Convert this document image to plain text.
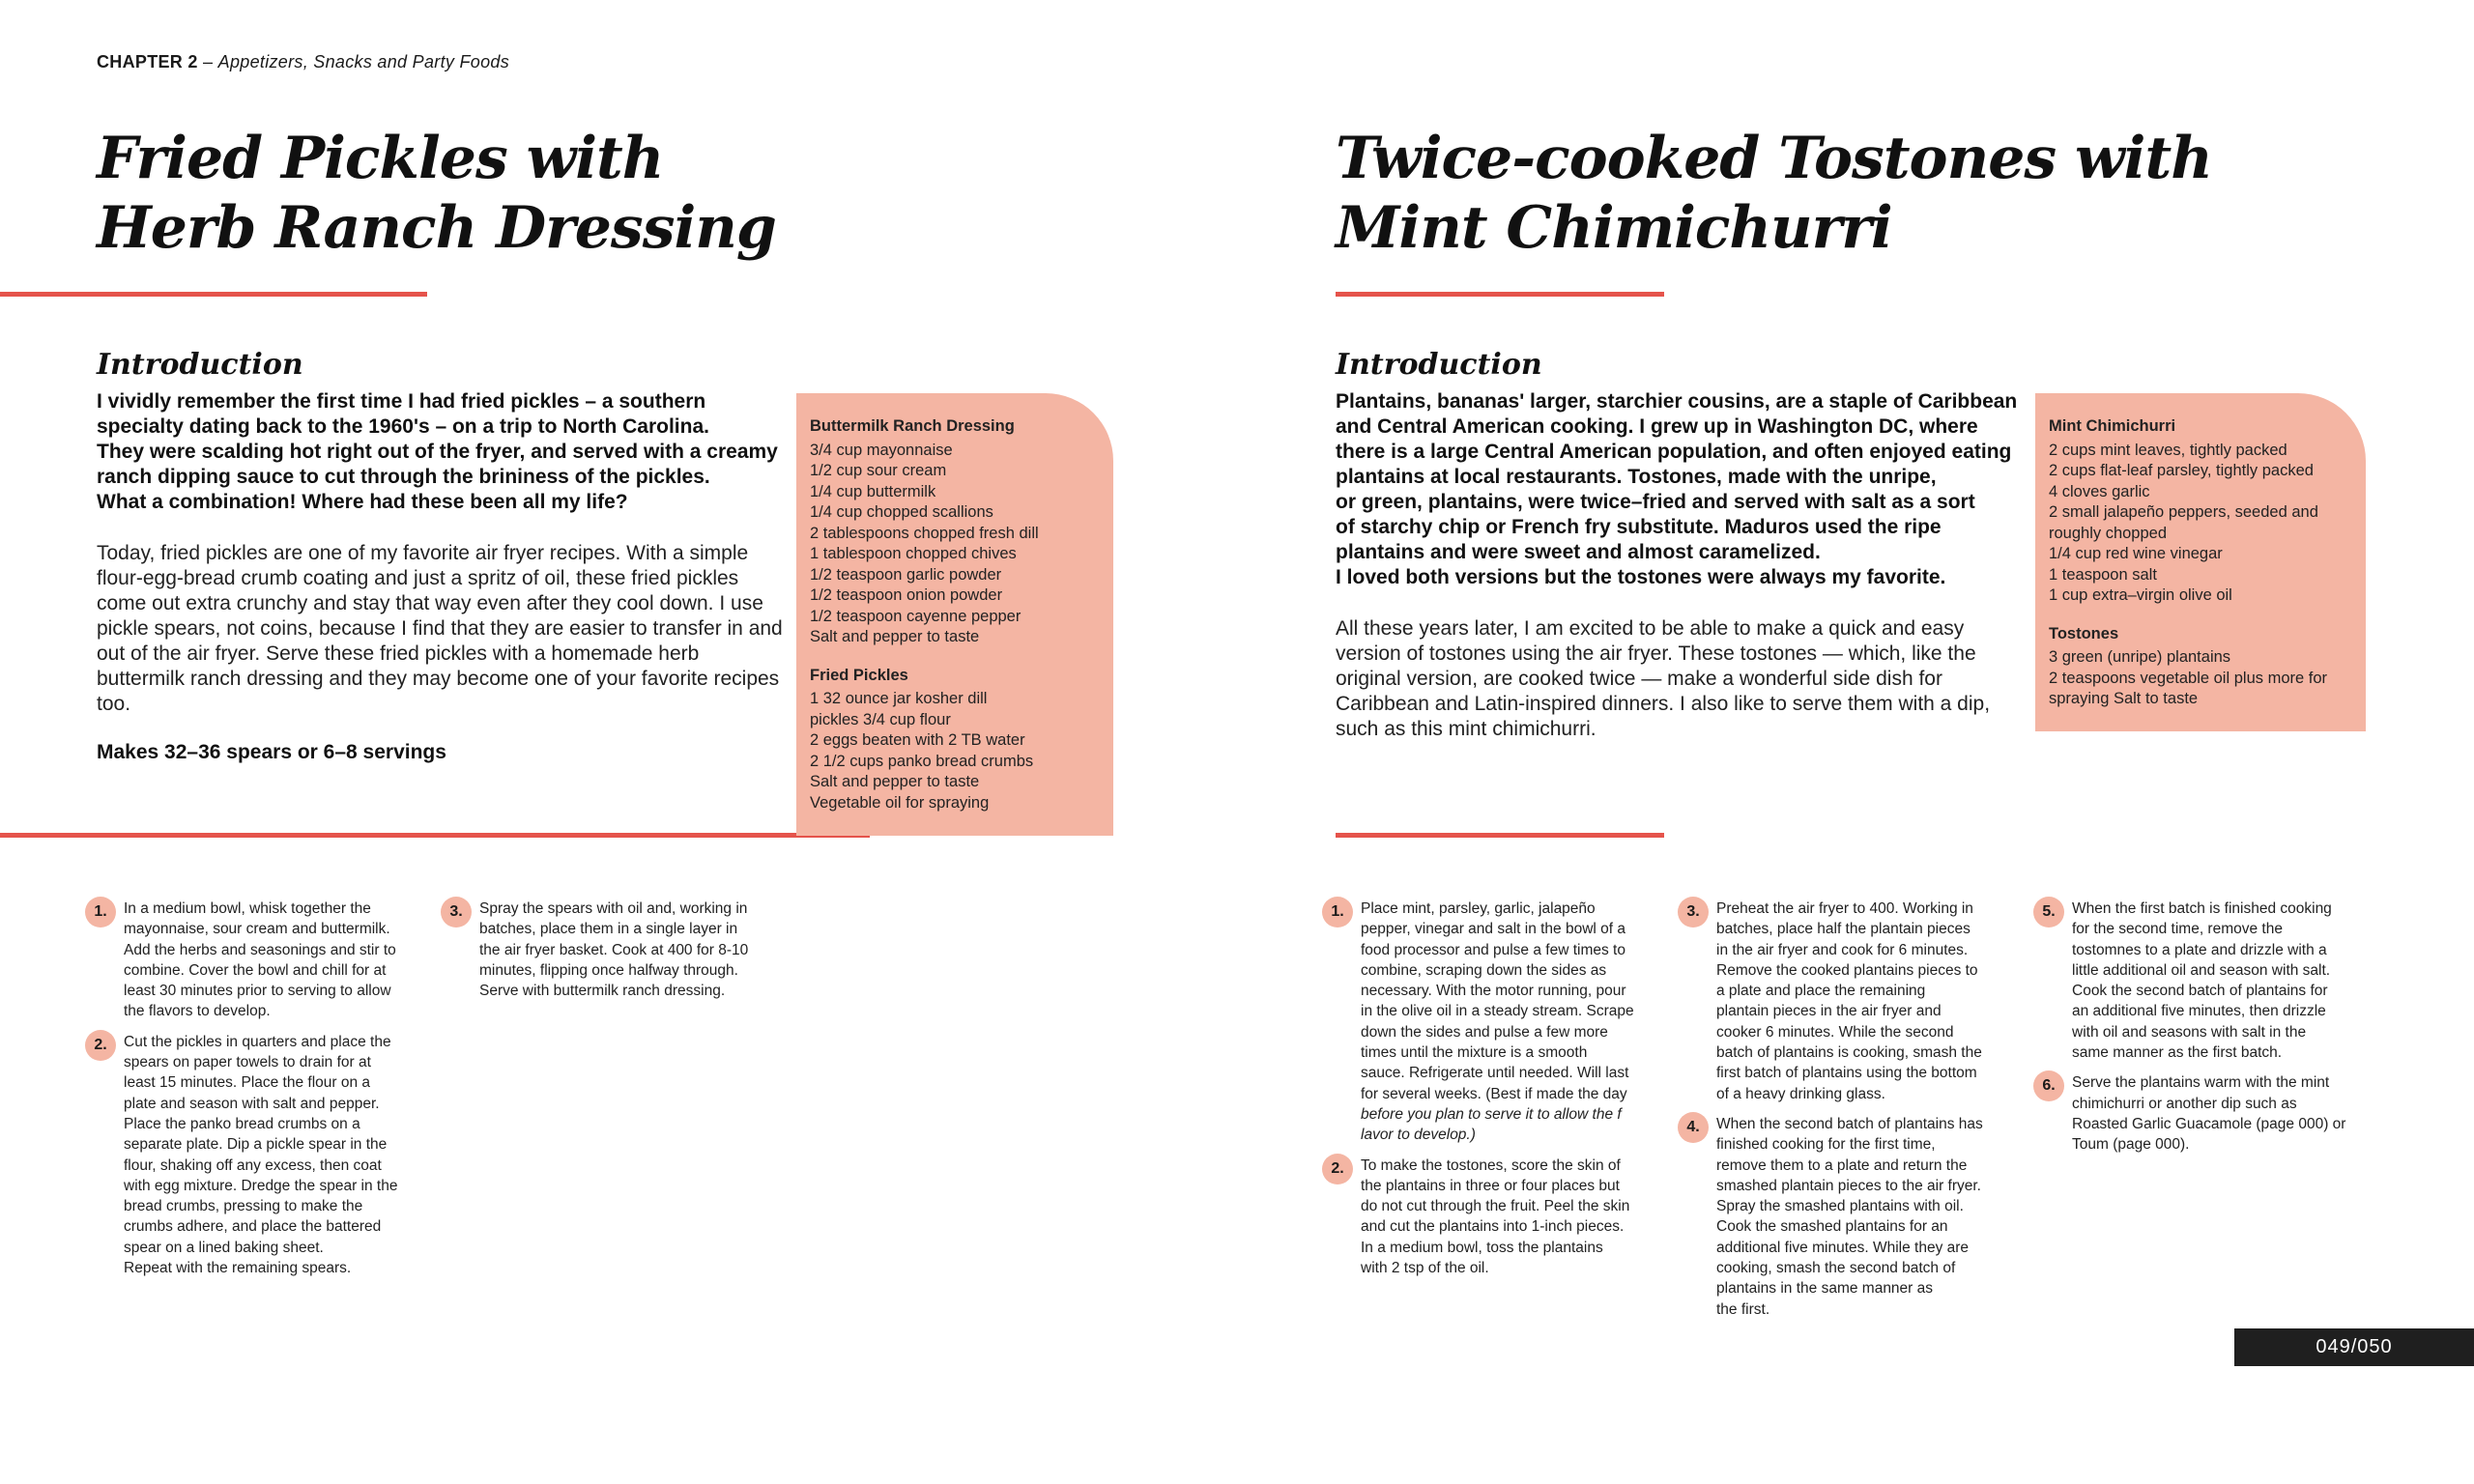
CHAPTER 2 – Appetizers, Snacks and Party Foods
Fried Pickles with
Herb Ranch Dressing
Introduction
I vividly remember the first time I had fried pickles – a southern
specialty dating back to the 1960's – on a trip to North Carolina.
They were scalding hot right out of the fryer, and served with a creamy
ranch dipping sauce to cut through the brininess of the pickles.
What a combination! Where had these been all my life?

Today, fried pickles are one of my favorite air fryer recipes. With a simple flour-egg-bread crumb coating and just a spritz of oil, these fried pickles come out extra crunchy and stay that way even after they cool down. I use pickle spears, not coins, because I find that they are easier to transfer in and out of the air fryer. Serve these fried pickles with a homemade herb buttermilk ranch dressing and they may become one of your favorite recipes too.

Makes 32–36 spears or 6–8 servings

Buttermilk Ranch Dressing
3/4 cup mayonnaise
1/2 cup sour cream
1/4 cup buttermilk
1/4 cup chopped scallions
2 tablespoons chopped fresh dill
1 tablespoon chopped chives
1/2 teaspoon garlic powder
1/2 teaspoon onion powder
1/2 teaspoon cayenne pepper
Salt and pepper to taste
Fried Pickles
1 32 ounce jar kosher dill
pickles 3/4 cup flour
2 eggs beaten with 2 TB water
2 1/2 cups panko bread crumbs
Salt and pepper to taste
Vegetable oil for spraying
1.	In a medium bowl, whisk together the
mayonnaise, sour cream and buttermilk.
Add the herbs and seasonings and stir to
combine. Cover the bowl and chill for at
least 30 minutes prior to serving to allow
the flavors to develop.
2.	Cut the pickles in quarters and place the
spears on paper towels to drain for at
least 15 minutes. Place the flour on a
plate and season with salt and pepper.
Place the panko bread crumbs on a
separate plate. Dip a pickle spear in the
flour, shaking off any excess, then coat
with egg mixture. Dredge the spear in the
bread crumbs, pressing to make the
crumbs adhere, and place the battered
spear on a lined baking sheet.
Repeat with the remaining spears.
3.	Spray the spears with oil and, working in
batches, place them in a single layer in
the air fryer basket. Cook at 400 for 8-10
minutes, flipping once halfway through.
Serve with buttermilk ranch dressing.
Twice-cooked Tostones with
Mint Chimichurri
Introduction
Plantains, bananas' larger, starchier cousins, are a staple of Caribbean
and Central American cooking. I grew up in Washington DC, where
there is a large Central American population, and often enjoyed eating
plantains at local restaurants. Tostones, made with the unripe,
or green, plantains, were twice–fried and served with salt as a sort
of starchy chip or French fry substitute. Maduros used the ripe
plantains and were sweet and almost caramelized.
I loved both versions but the tostones were always my favorite.

All these years later, I am excited to be able to make a quick and easy version of tostones using the air fryer. These tostones — which, like the original version, are cooked twice — make a wonderful side dish for Caribbean and Latin-inspired dinners. I also like to serve them with a dip, such as this mint chimichurri.

Mint Chimichurri
2 cups mint leaves, tightly packed
2 cups flat-leaf parsley, tightly packed
4 cloves garlic
2 small jalapeño peppers, seeded and
roughly chopped
1/4 cup red wine vinegar
1 teaspoon salt
1 cup extra–virgin olive oil
Tostones
3 green (unripe) plantains
2 teaspoons vegetable oil plus more for
spraying Salt to taste
1.	Place mint, parsley, garlic, jalapeño
pepper, vinegar and salt in the bowl of a
food processor and pulse a few times to
combine, scraping down the sides as
necessary. With the motor running, pour
in the olive oil in a steady stream. Scrape
down the sides and pulse a few more
times until the mixture is a smooth
sauce. Refrigerate until needed. Will last
for several weeks. (Best if made the day
before you plan to serve it to allow the f
lavor to develop.)
2.	To make the tostones, score the skin of
the plantains in three or four places but
do not cut through the fruit. Peel the skin
and cut the plantains into 1-inch pieces.
In a medium bowl, toss the plantains
with 2 tsp of the oil.
3.	Preheat the air fryer to 400. Working in
batches, place half the plantain pieces
in the air fryer and cook for 6 minutes.
Remove the cooked plantains pieces to
a plate and place the remaining
plantain pieces in the air fryer and
cooker 6 minutes. While the second
batch of plantains is cooking, smash the
first batch of plantains using the bottom
of a heavy drinking glass.
4.	When the second batch of plantains has
finished cooking for the first time,
remove them to a plate and return the
smashed plantain pieces to the air fryer.
Spray the smashed plantains with oil.
Cook the smashed plantains for an
additional five minutes. While they are
cooking, smash the second batch of
plantains in the same manner as
the first.
5.	When the first batch is finished cooking
for the second time, remove the
tostomnes to a plate and drizzle with a
little additional oil and season with salt.
Cook the second batch of plantains for
an additional five minutes, then drizzle
with oil and seasons with salt in the
same manner as the first batch.
6.	Serve the plantains warm with the mint
chimichurri or another dip such as
Roasted Garlic Guacamole (page 000) or
Toum (page 000).
049/050
